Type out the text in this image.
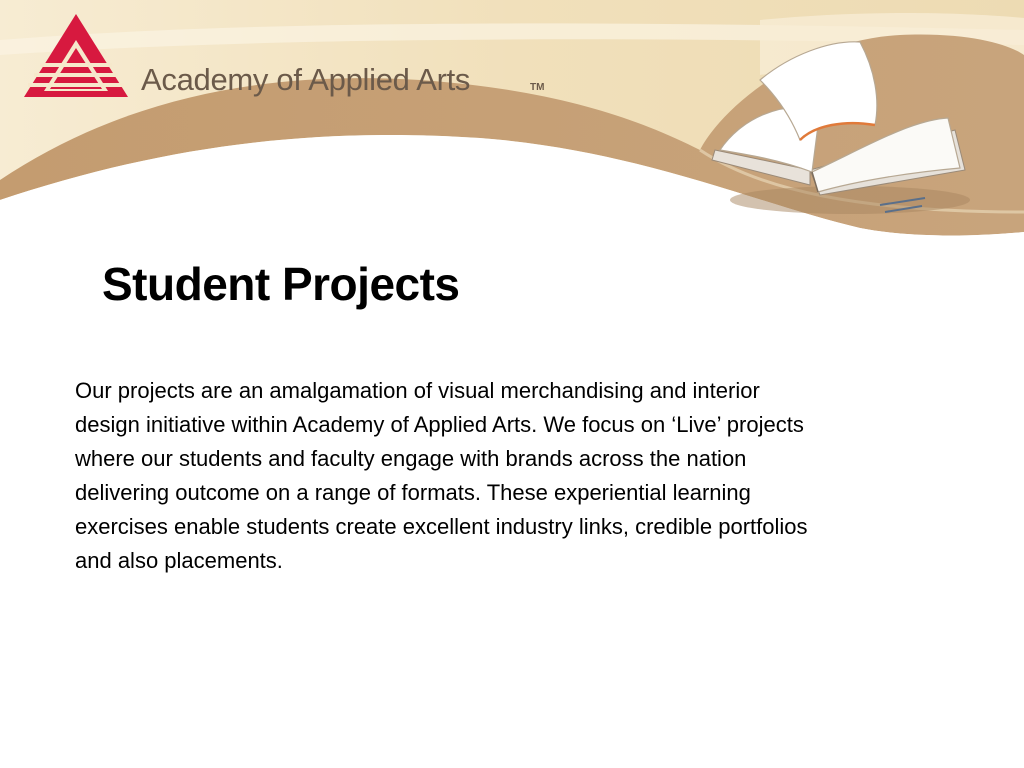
Academy of Applied Arts	TM
Student Projects

Our projects are an amalgamation of visual merchandising and interior
design initiative within Academy of Applied Arts. We focus on ‘Live’ projects
where our students and faculty engage with brands across the nation
delivering outcome on a range of formats. These experiential learning
exercises enable students create excellent industry links, credible portfolios
and also placements.
